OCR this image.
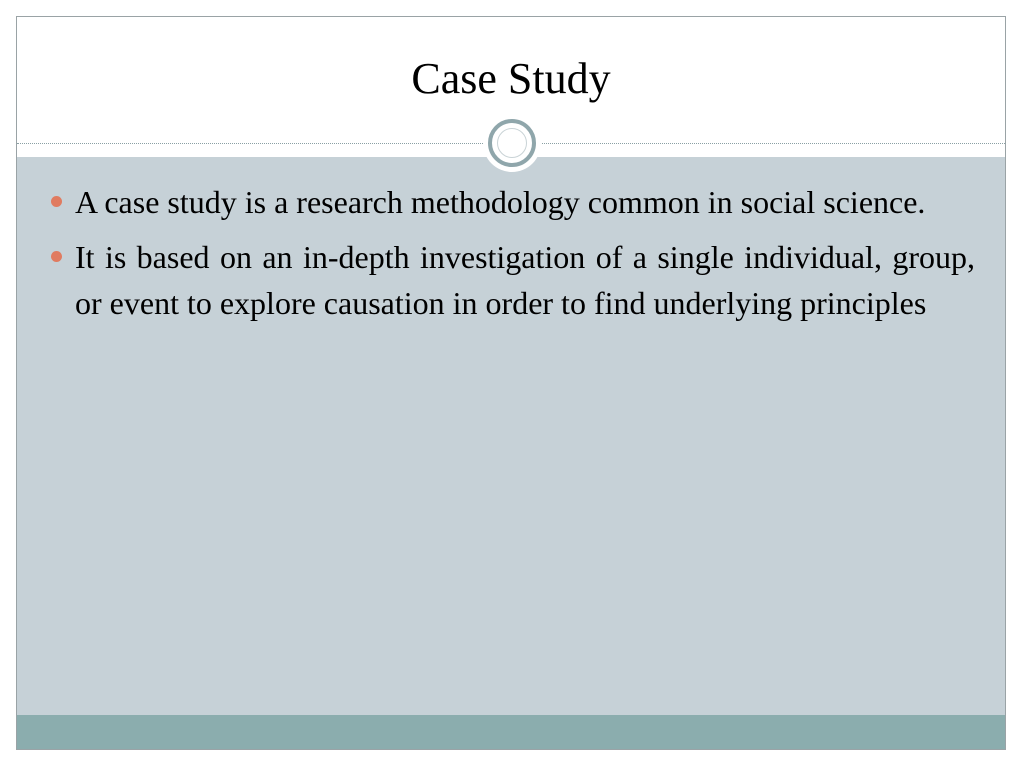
Case Study
A case study is a research methodology common in social science.
It is based on an in-depth investigation of a single individual, group, or event to explore causation in order to find underlying principles
